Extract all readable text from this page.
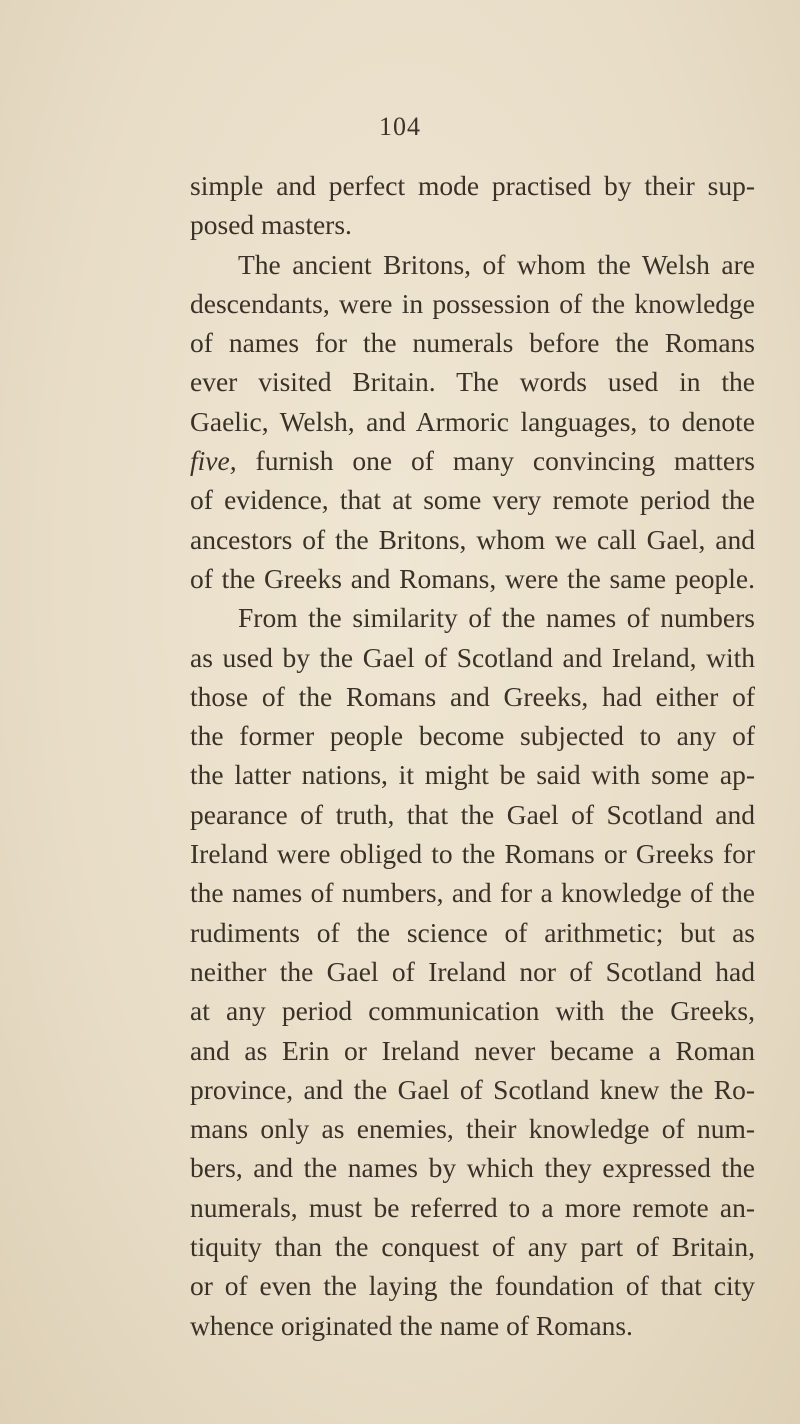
104
simple and perfect mode practised by their sup-
posed masters.
The ancient Britons, of whom the Welsh are
descendants, were in possession of the knowledge
of names for the numerals before the Romans
ever visited Britain. The words used in the
Gaelic, Welsh, and Armoric languages, to denote
five, furnish one of many convincing matters
of evidence, that at some very remote period the
ancestors of the Britons, whom we call Gael, and
of the Greeks and Romans, were the same people.
From the similarity of the names of numbers
as used by the Gael of Scotland and Ireland, with
those of the Romans and Greeks, had either of
the former people become subjected to any of
the latter nations, it might be said with some ap-
pearance of truth, that the Gael of Scotland and
Ireland were obliged to the Romans or Greeks for
the names of numbers, and for a knowledge of the
rudiments of the science of arithmetic; but as
neither the Gael of Ireland nor of Scotland had
at any period communication with the Greeks,
and as Erin or Ireland never became a Roman
province, and the Gael of Scotland knew the Ro-
mans only as enemies, their knowledge of num-
bers, and the names by which they expressed the
numerals, must be referred to a more remote an-
tiquity than the conquest of any part of Britain,
or of even the laying the foundation of that city
whence originated the name of Romans.
